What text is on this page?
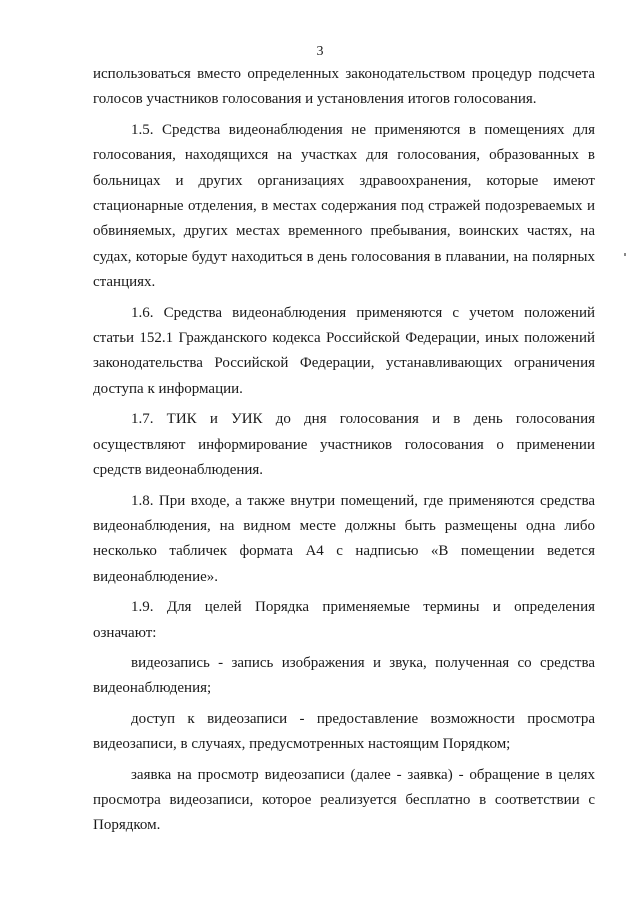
3

использоваться вместо определенных законодательством процедур подсчета голосов участников голосования и установления итогов голосования.

1.5. Средства видеонаблюдения не применяются в помещениях для голосования, находящихся на участках для голосования, образованных в больницах и других организациях здравоохранения, которые имеют стационарные отделения, в местах содержания под стражей подозреваемых и обвиняемых, других местах временного пребывания, воинских частях, на судах, которые будут находиться в день голосования в плавании, на полярных станциях.

1.6. Средства видеонаблюдения применяются с учетом положений статьи 152.1 Гражданского кодекса Российской Федерации, иных положений законодательства Российской Федерации, устанавливающих ограничения доступа к информации.

1.7. ТИК и УИК до дня голосования и в день голосования осуществляют информирование участников голосования о применении средств видеонаблюдения.

1.8. При входе, а также внутри помещений, где применяются средства видеонаблюдения, на видном месте должны быть размещены одна либо несколько табличек формата А4 с надписью «В помещении ведется видеонаблюдение».

1.9. Для целей Порядка применяемые термины и определения означают:

видеозапись - запись изображения и звука, полученная со средства видеонаблюдения;

доступ к видеозаписи - предоставление возможности просмотра видеозаписи, в случаях, предусмотренных настоящим Порядком;

заявка на просмотр видеозаписи (далее - заявка) - обращение в целях просмотра видеозаписи, которое реализуется бесплатно в соответствии с Порядком.
